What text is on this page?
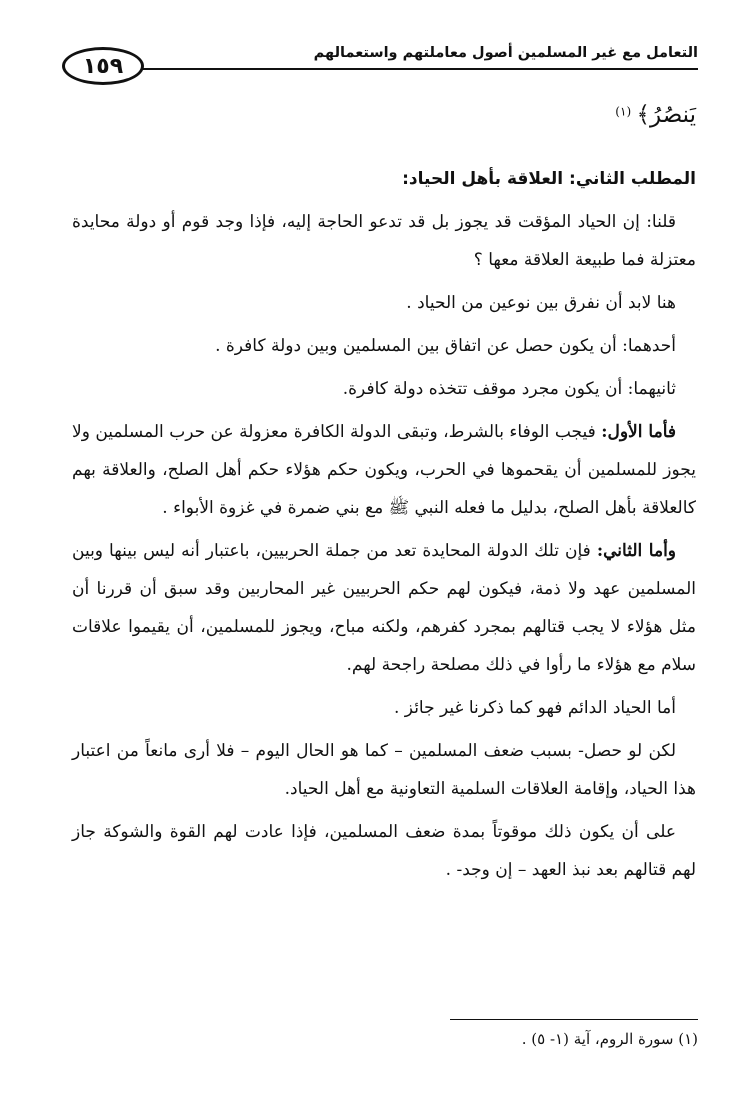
التعامل مع غير المسلمين أصول معاملتهم واستعمالهم
١٥٩

يَنصُرُ﴾ $^{(١)}$

المطلب الثاني: العلاقة بأهل الحياد:

قلنا: إن الحياد المؤقت قد يجوز بل قد تدعو الحاجة إليه، فإذا وجد قوم أو دولة محايدة معتزلة فما طبيعة العلاقة معها ؟

هنا لابد أن نفرق بين نوعين من الحياد .

أحدهما: أن يكون حصل عن اتفاق بين المسلمين وبين دولة كافرة .

ثانيهما: أن يكون مجرد موقف تتخذه دولة كافرة.

فأما الأول: فيجب الوفاء بالشرط، وتبقى الدولة الكافرة معزولة عن حرب المسلمين ولا يجوز للمسلمين أن يقحموها في الحرب، ويكون حكم هؤلاء حكم أهل الصلح، والعلاقة بهم كالعلاقة بأهل الصلح، بدليل ما فعله النبي ﷺ مع بني ضمرة في غزوة الأبواء .

وأما الثاني: فإن تلك الدولة المحايدة تعد من جملة الحربيين، باعتبار أنه ليس بينها وبين المسلمين عهد ولا ذمة، فيكون لهم حكم الحربيين غير المحاربين وقد سبق أن قررنا أن مثل هؤلاء لا يجب قتالهم بمجرد كفرهم، ولكنه مباح، ويجوز للمسلمين، أن يقيموا علاقات سلام مع هؤلاء ما رأوا في ذلك مصلحة راجحة لهم.

أما الحياد الدائم فهو كما ذكرنا غير جائز .

لكن لو حصل- بسبب ضعف المسلمين – كما هو الحال اليوم – فلا أرى مانعاً من اعتبار هذا الحياد، وإقامة العلاقات السلمية التعاونية مع أهل الحياد.

على أن يكون ذلك موقوتاً بمدة ضعف المسلمين، فإذا عادت لهم القوة والشوكة جاز لهم قتالهم بعد نبذ العهد – إن وجد- .

(١) سورة الروم، آية (١- ٥) .
